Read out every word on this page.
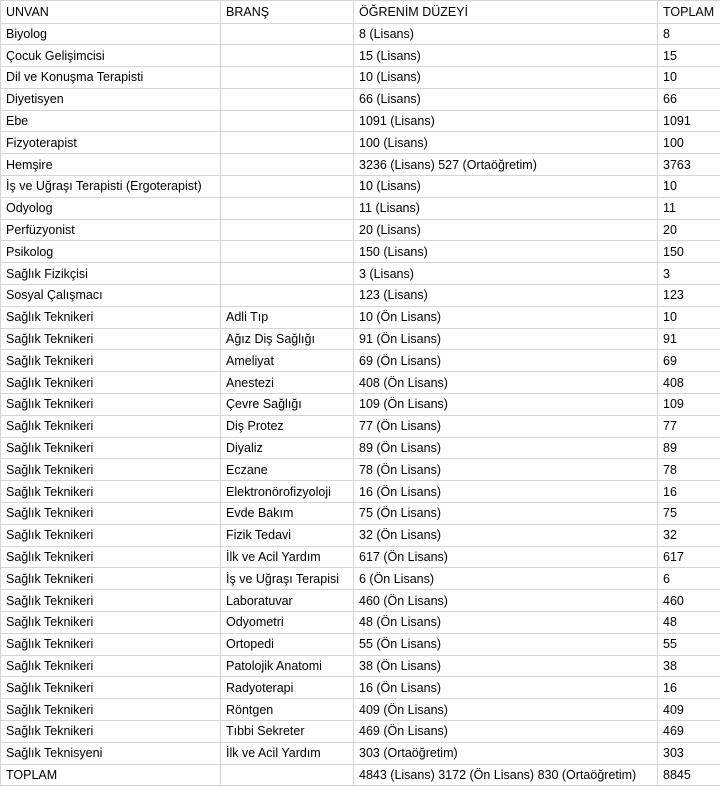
UNVAN	BRANŞ	ÖĞRENİM DÜZEYİ	TOPLAM
Biyolog		8 (Lisans)	8
Çocuk Gelişimcisi		15 (Lisans)	15
Dil ve Konuşma Terapisti		10 (Lisans)	10
Diyetisyen		66 (Lisans)	66
Ebe		1091 (Lisans)	1091
Fizyoterapist		100 (Lisans)	100
Hemşire		3236 (Lisans) 527 (Ortaöğretim)	3763
İş ve Uğraşı Terapisti (Ergoterapist)		10 (Lisans)	10
Odyolog		11 (Lisans)	11
Perfüzyonist		20 (Lisans)	20
Psikolog		150 (Lisans)	150
Sağlık Fizikçisi		3 (Lisans)	3
Sosyal Çalışmacı		123 (Lisans)	123
Sağlık Teknikeri	Adli Tıp	10 (Ön Lisans)	10
Sağlık Teknikeri	Ağız Diş Sağlığı	91 (Ön Lisans)	91
Sağlık Teknikeri	Ameliyat	69 (Ön Lisans)	69
Sağlık Teknikeri	Anestezi	408 (Ön Lisans)	408
Sağlık Teknikeri	Çevre Sağlığı	109 (Ön Lisans)	109
Sağlık Teknikeri	Diş Protez	77 (Ön Lisans)	77
Sağlık Teknikeri	Diyaliz	89 (Ön Lisans)	89
Sağlık Teknikeri	Eczane	78 (Ön Lisans)	78
Sağlık Teknikeri	Elektronörofizyoloji	16 (Ön Lisans)	16
Sağlık Teknikeri	Evde Bakım	75 (Ön Lisans)	75
Sağlık Teknikeri	Fizik Tedavi	32 (Ön Lisans)	32
Sağlık Teknikeri	İlk ve Acil Yardım	617 (Ön Lisans)	617
Sağlık Teknikeri	İş ve Uğraşı Terapisi	6 (Ön Lisans)	6
Sağlık Teknikeri	Laboratuvar	460 (Ön Lisans)	460
Sağlık Teknikeri	Odyometri	48 (Ön Lisans)	48
Sağlık Teknikeri	Ortopedi	55 (Ön Lisans)	55
Sağlık Teknikeri	Patolojik Anatomi	38 (Ön Lisans)	38
Sağlık Teknikeri	Radyoterapi	16 (Ön Lisans)	16
Sağlık Teknikeri	Röntgen	409 (Ön Lisans)	409
Sağlık Teknikeri	Tıbbi Sekreter	469 (Ön Lisans)	469
Sağlık Teknisyeni	İlk ve Acil Yardım	303 (Ortaöğretim)	303
TOPLAM		4843 (Lisans) 3172 (Ön Lisans) 830 (Ortaöğretim)	8845
